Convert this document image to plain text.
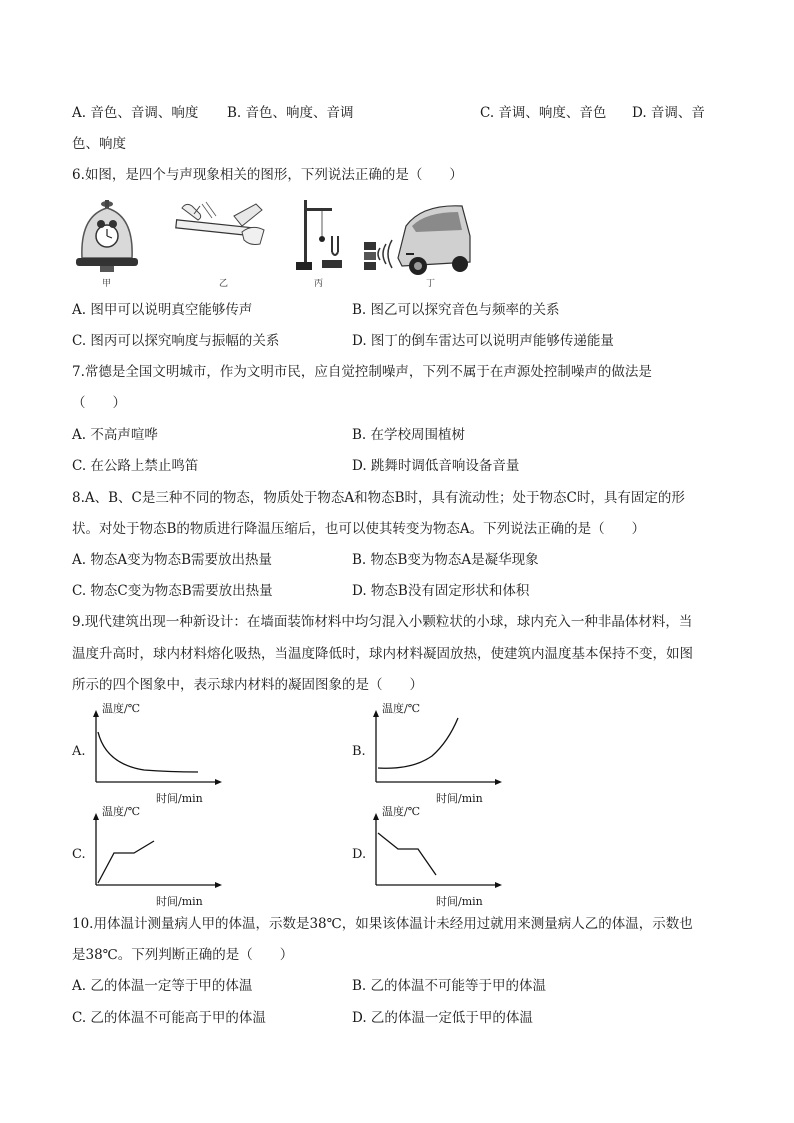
A. 音色、音调、响度 B. 音色、响度、音调	C. 音调、响度、音色 D. 音调、音
色、响度
6.如图，是四个与声现象相关的图形，下列说法正确的是（　　）
甲	乙	丙	丁
A. 图甲可以说明真空能够传声	B. 图乙可以探究音色与频率的关系
C. 图丙可以探究响度与振幅的关系	D. 图丁的倒车雷达可以说明声能够传递能量
7.常德是全国文明城市，作为文明市民，应自觉控制噪声，下列不属于在声源处控制噪声的做法是
（　　）
A. 不高声喧哗	B. 在学校周围植树
C. 在公路上禁止鸣笛	D. 跳舞时调低音响设备音量
8.A、B、C是三种不同的物态，物质处于物态A和物态B时，具有流动性；处于物态C时，具有固定的形
状。对处于物态B的物质进行降温压缩后，也可以使其转变为物态A。下列说法正确的是（　　）
A. 物态A变为物态B需要放出热量	B. 物态B变为物态A是凝华现象
C. 物态C变为物态B需要放出热量	D. 物态B没有固定形状和体积
9.现代建筑出现一种新设计：在墙面装饰材料中均匀混入小颗粒状的小球，球内充入一种非晶体材料，当
温度升高时，球内材料熔化吸热，当温度降低时，球内材料凝固放热，使建筑内温度基本保持不变，如图
所示的四个图象中，表示球内材料的凝固图象的是（　　）
A.
温度/℃
时间/min
B.
温度/℃
时间/min
C.
温度/℃
时间/min
D.
温度/℃
时间/min
10.用体温计测量病人甲的体温，示数是38℃，如果该体温计未经用过就用来测量病人乙的体温，示数也
是38℃。下列判断正确的是（　　）
A. 乙的体温一定等于甲的体温	B. 乙的体温不可能等于甲的体温
C. 乙的体温不可能高于甲的体温	D. 乙的体温一定低于甲的体温
